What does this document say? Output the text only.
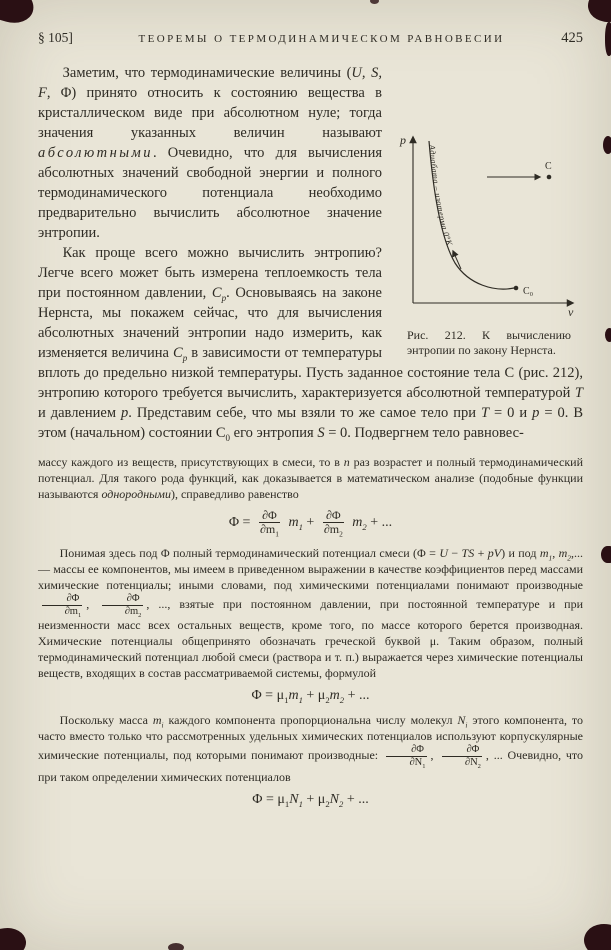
§ 105]	ТЕОРЕМЫ О ТЕРМОДИНАМИЧЕСКОМ РАВНОВЕСИИ	425
p
v
Адиабата – изотерма 0°К
C
C₀
Рис. 212. К вычислению энтропии по закону Нернста.

Заметим, что термодинамические величины (U, S, F, Φ) принято относить к состоянию вещества в кристаллическом виде при абсолютном нуле; тогда значения указанных величин называют абсолютными. Очевидно, что для вычисления абсолютных значений свободной энергии и полного термодинамического потенциала необходимо предварительно вычислить абсолютное значение энтропии.

Как проще всего можно вычислить энтропию? Легче всего может быть измерена теплоемкость тела при постоянном давлении, $C_p$. Основываясь на законе Нернста, мы покажем сейчас, что для вычисления абсолютных значений энтропии надо измерить, как изменяется величина $C_p$ в зависимости от температуры вплоть до предельно низкой температуры. Пусть заданное состояние тела C (рис. 212), энтропию которого требуется вычислить, характеризуется абсолютной температурой T и давлением p. Представим себе, что мы взяли то же самое тело при T = 0 и p = 0. В этом (начальном) состоянии $C_0$ его энтропия S = 0. Подвергнем тело равновес-

массу каждого из веществ, присутствующих в смеси, то в n раз возрастет и полный термодинамический потенциал. Для такого рода функций, как доказывается в математическом анализе (подобные функции называются однородными), справедливо равенство

$\Phi = \frac{\partial\Phi}{\partial m_1} m_1 + \frac{\partial\Phi}{\partial m_2} m_2$ + ...

Понимая здесь под Φ полный термодинамический потенциал смеси (Φ = U − TS + pV) и под $m_1$, $m_2$,... — массы ее компонентов, мы имеем в приведенном выражении в качестве коэффициентов перед массами химические потенциалы; иными словами, под химическими потенциалами понимают производные
$\frac{\partial\Phi}{\partial m_1}$ , $\frac{\partial\Phi}{\partial m_2}$ , ..., взятые при постоянном давлении, при постоянной температуре и при неизменности масс всех остальных веществ, кроме того, по массе которого берется производная. Химические потенциалы общепринято обозначать греческой буквой μ. Таким образом, полный термодинамический потенциал любой смеси (раствора и т. п.) выражается через химические потенциалы веществ, входящих в состав рассматриваемой системы, формулой

$\Phi = \mu_1m_1 + \mu_2m_2$ + ...

Поскольку масса $m_i$ каждого компонента пропорциональна числу молекул $N_i$ этого компонента, то часто вместо только что рассмотренных удельных химических потенциалов используют корпускулярные химические потенциалы, под которыми понимают производные: $\frac{\partial\Phi}{\partial N_1}$ , $\frac{\partial\Phi}{\partial N_2}$ , ... Очевидно, что при таком определении химических потенциалов

$\Phi = \mu_1N_1 + \mu_2N_2$ + ...
